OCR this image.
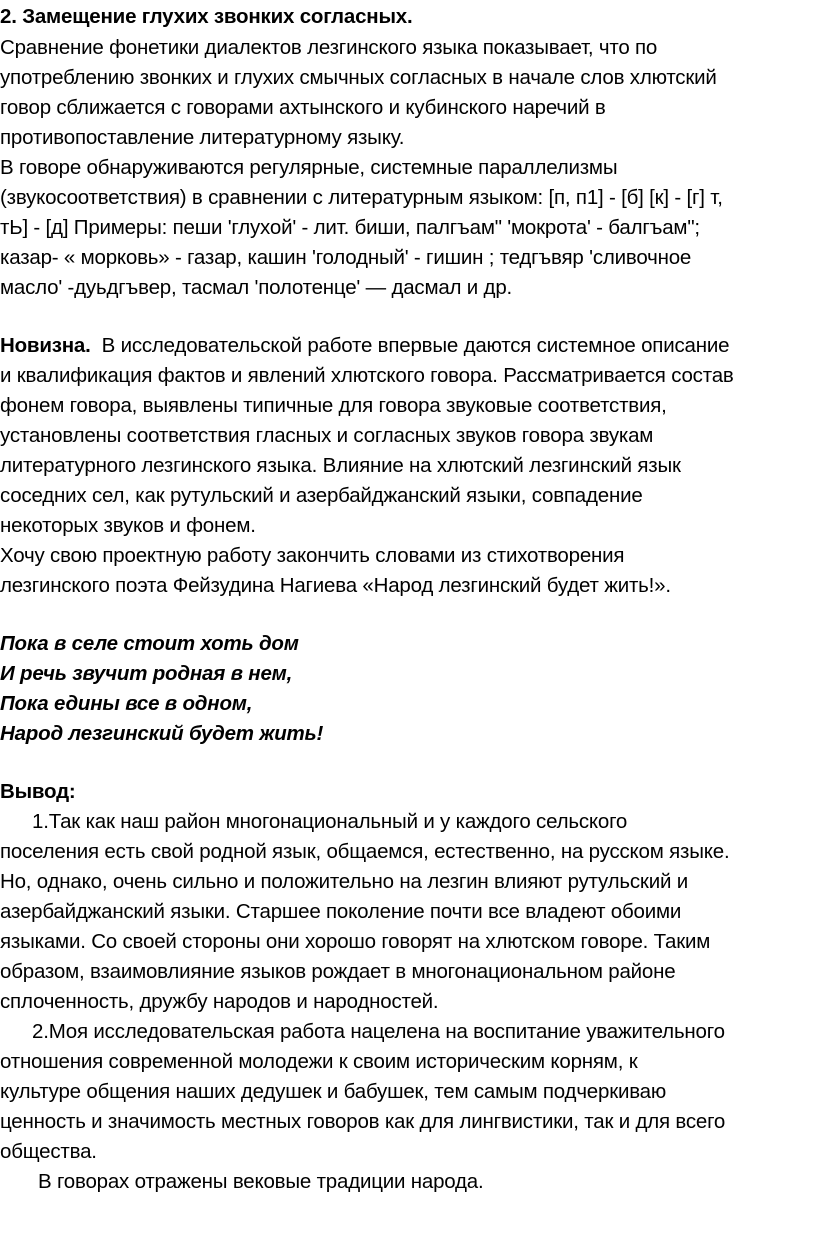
2. Замещение глухих звонких согласных.
Сравнение фонетики диалектов лезгинского языка показывает, что по
употреблению звонких и глухих смычных согласных в начале слов хлютский
говор сближается с говорами ахтынского и кубинского наречий в
противопоставление литературному языку.
В говоре обнаруживаются регулярные, системные параллелизмы
(звукосоответствия) в сравнении с литературным языком: [п, п1] - [б] [к] - [г] т,
тЬ] - [д] Примеры: пеши 'глухой' - лит. биши, палгъам" 'мокрота' - балгъам";
казар- « морковь» - газар, кашин 'голодный' - гишин ; тедгъвяр 'сливочное
масло' -дуьдгъвер, тасмал 'полотенце' — дасмал и др.
Новизна.  В исследовательской работе впервые даются системное описание
и квалификация фактов и явлений хлютского говора. Рассматривается состав
фонем говора, выявлены типичные для говора звуковые соответствия,
установлены соответствия гласных и согласных звуков говора звукам
литературного лезгинского языка. Влияние на хлютский лезгинский язык
соседних сел, как рутульский и азербайджанский языки, совпадение
некоторых звуков и фонем.
Хочу свою проектную работу закончить словами из стихотворения
лезгинского поэта Фейзудина Нагиева «Народ лезгинский будет жить!».
Пока в селе стоит хоть дом
И речь звучит родная в нем,
Пока едины все в одном,
Народ лезгинский будет жить!
Вывод:
1.Так как наш район многонациональный и у каждого сельского
поселения есть свой родной язык, общаемся, естественно, на русском языке.
Но, однако, очень сильно и положительно на лезгин влияют рутульский и
азербайджанский языки. Старшее поколение почти все владеют обоими
языками. Со своей стороны они хорошо говорят на хлютском говоре. Таким
образом, взаимовлияние языков рождает в многонациональном районе
сплоченность, дружбу народов и народностей.
2.Моя исследовательская работа нацелена на воспитание уважительного
отношения современной молодежи к своим историческим корням, к
культуре общения наших дедушек и бабушек, тем самым подчеркиваю
ценность и значимость местных говоров как для лингвистики, так и для всего
общества.
В говорах отражены вековые традиции народа.
